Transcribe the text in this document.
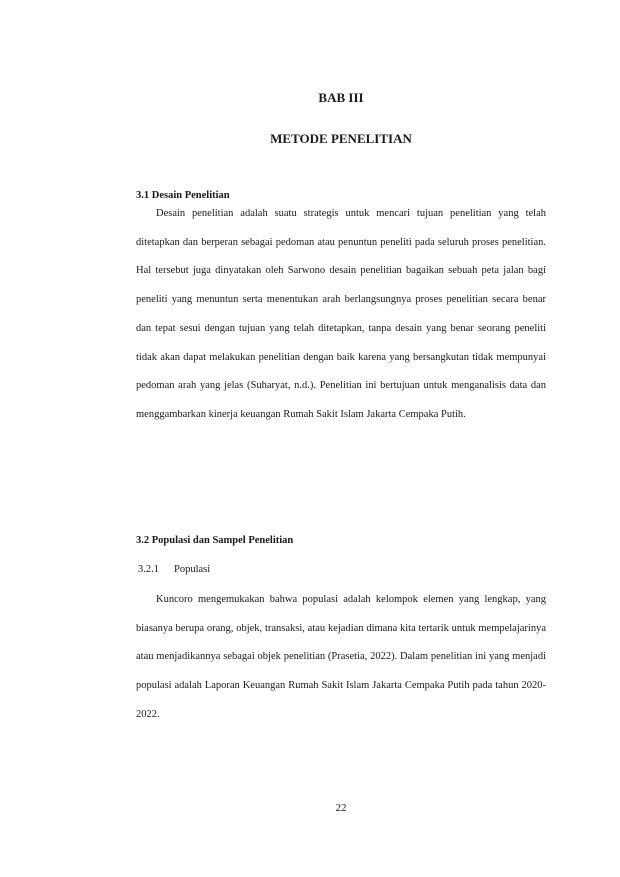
BAB III
METODE PENELITIAN
3.1 Desain Penelitian

Desain penelitian adalah suatu strategis untuk mencari tujuan penelitian yang telah ditetapkan dan berperan sebagai pedoman atau penuntun peneliti pada seluruh proses penelitian. Hal tersebut juga dinyatakan oleh Sarwono desain penelitian bagaikan sebuah peta jalan bagi peneliti yang menuntun serta menentukan arah berlangsungnya proses penelitian secara benar dan tepat sesui dengan tujuan yang telah ditetapkan, tanpa desain yang benar seorang peneliti tidak akan dapat melakukan penelitian dengan baik karena yang bersangkutan tidak mempunyai pedoman arah yang jelas (Suharyat, n.d.). Penelitian ini bertujuan untuk menganalisis data dan menggambarkan kinerja keuangan Rumah Sakit Islam Jakarta Cempaka Putih.

3.2 Populasi dan Sampel Penelitian
3.2.1 Populasi

Kuncoro mengemukakan bahwa populasi adalah kelompok elemen yang lengkap, yang biasanya berupa orang, objek, transaksi, atau kejadian dimana kita tertarik untuk mempelajarinya atau menjadikannya sebagai objek penelitian (Prasetia, 2022). Dalam penelitian ini yang menjadi populasi adalah Laporan Keuangan Rumah Sakit Islam Jakarta Cempaka Putih pada tahun 2020-2022.

22
